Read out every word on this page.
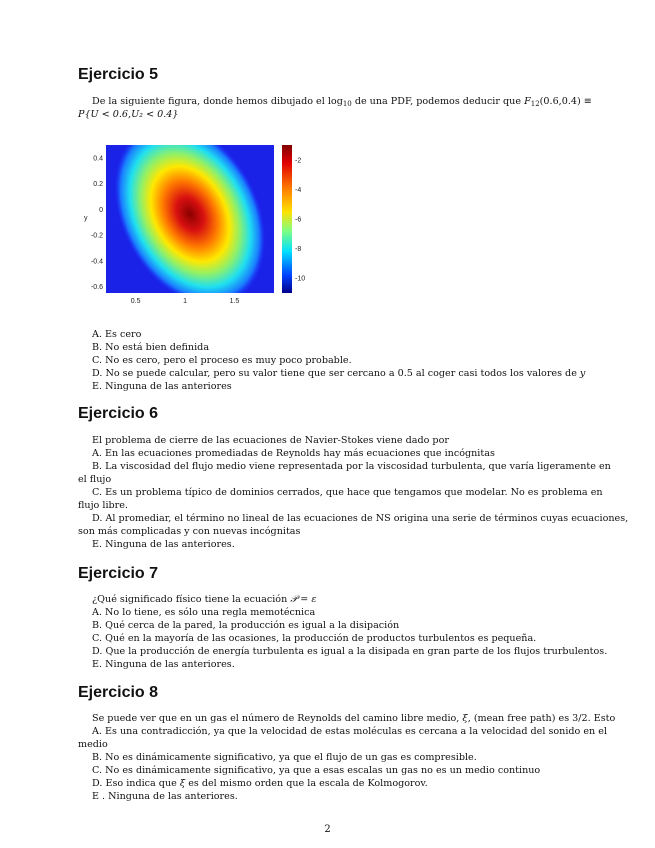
Ejercicio 5

De la siguiente figura, donde hemos dibujado el $\log_{10}$ de una PDF, podemos deducir que $F_{12}(0.6,0.4)$ ≡

P{U < 0.6,U₂ < 0.4}

0.5	1	1.5
0.4
0.2
0
-0.2
-0.4
-0.6
-2
-4
-6
-8
-10
y

A. Es cero

B. No está bien definida

C. No es cero, pero el proceso es muy poco probable.

D. No se puede calcular, pero su valor tiene que ser cercano a 0.5 al coger casi todos los valores de y

E. Ninguna de las anteriores

Ejercicio 6

El problema de cierre de las ecuaciones de Navier-Stokes viene dado por

A. En las ecuaciones promediadas de Reynolds hay más ecuaciones que incógnitas

B. La viscosidad del flujo medio viene representada por la viscosidad turbulenta, que varía ligeramente en

el flujo

C. Es un problema típico de dominios cerrados, que hace que tengamos que modelar. No es problema en

flujo libre.

D. Al promediar, el término no lineal de las ecuaciones de NS origina una serie de términos cuyas ecuaciones,

son más complicadas y con nuevas incógnitas

E. Ninguna de las anteriores.

Ejercicio 7

¿Qué significado físico tiene la ecuación 𝒫 = ε

A. No lo tiene, es sólo una regla memotécnica

B. Qué cerca de la pared, la producción es igual a la disipación

C. Qué en la mayoría de las ocasiones, la producción de productos turbulentos es pequeña.

D. Que la producción de energía turbulenta es igual a la disipada en gran parte de los flujos trurbulentos.

E. Ninguna de las anteriores.

Ejercicio 8

Se puede ver que en un gas el número de Reynolds del camino libre medio, ξ, (mean free path) es 3/2. Esto

A. Es una contradicción, ya que la velocidad de estas moléculas es cercana a la velocidad del sonido en el

medio

B. No es dinámicamente significativo, ya que el flujo de un gas es compresible.

C. No es dinámicamente significativo, ya que a esas escalas un gas no es un medio continuo

D. Eso indica que ξ es del mismo orden que la escala de Kolmogorov.

E . Ninguna de las anteriores.

2
